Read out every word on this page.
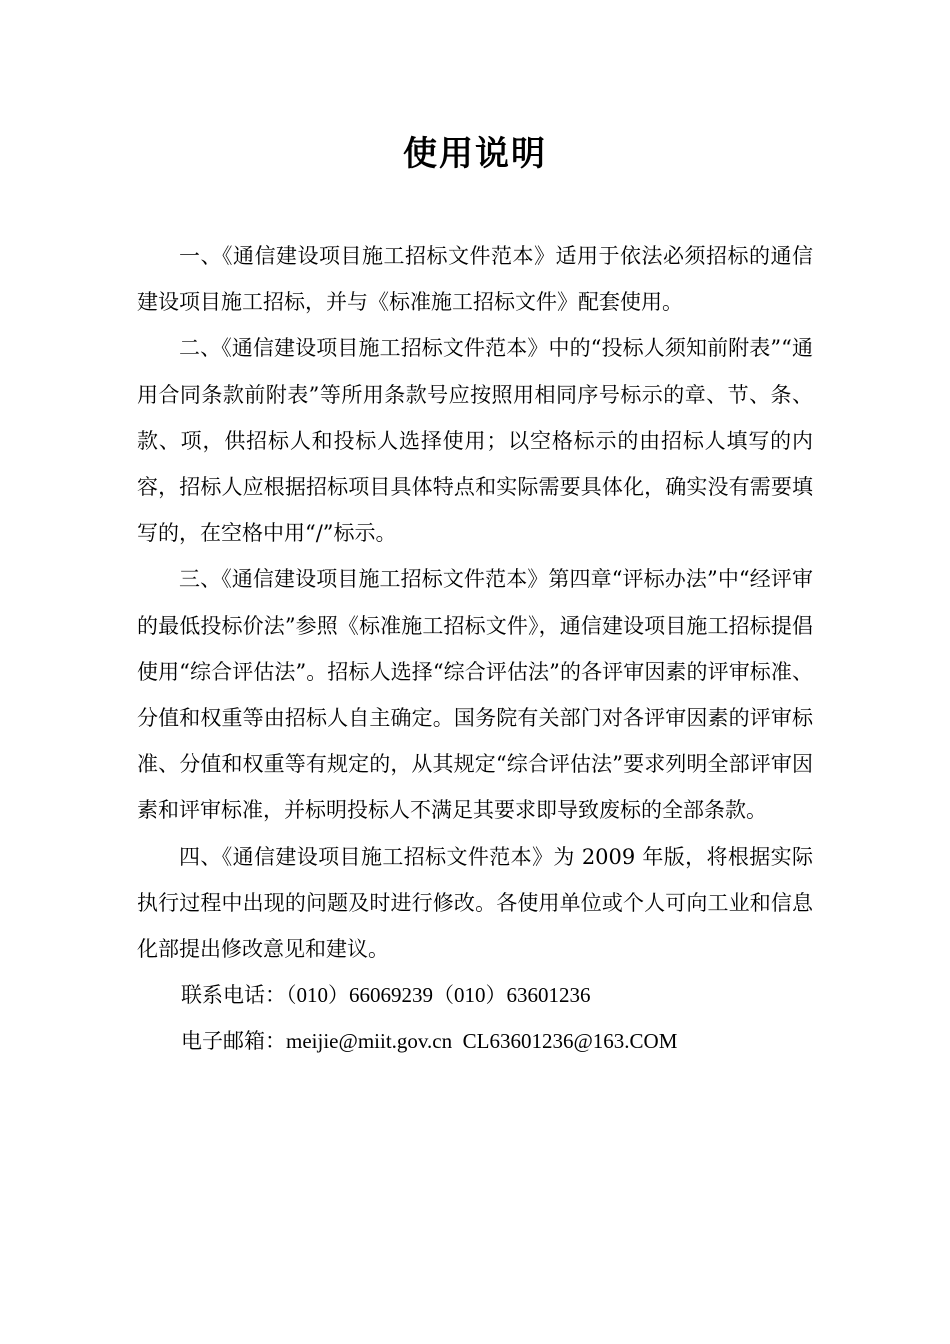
使用说明

一、《通信建设项目施工招标文件范本》适用于依法必须招标的通信建设项目施工招标，并与《标准施工招标文件》配套使用。

二、《通信建设项目施工招标文件范本》中的“投标人须知前附表”“通用合同条款前附表”等所用条款号应按照用相同序号标示的章、节、条、款、项，供招标人和投标人选择使用；以空格标示的由招标人填写的内容，招标人应根据招标项目具体特点和实际需要具体化，确实没有需要填写的，在空格中用“/”标示。

三、《通信建设项目施工招标文件范本》第四章“评标办法”中“经评审的最低投标价法”参照《标准施工招标文件》，通信建设项目施工招标提倡使用“综合评估法”。招标人选择“综合评估法”的各评审因素的评审标准、分值和权重等由招标人自主确定。国务院有关部门对各评审因素的评审标准、分值和权重等有规定的，从其规定“综合评估法”要求列明全部评审因素和评审标准，并标明投标人不满足其要求即导致废标的全部条款。

四、《通信建设项目施工招标文件范本》为 2009 年版，将根据实际执行过程中出现的问题及时进行修改。各使用单位或个人可向工业和信息化部提出修改意见和建议。

联系电话：（010）66069239（010）63601236
电子邮箱：meijie@miit.gov.cn  CL63601236@163.COM
